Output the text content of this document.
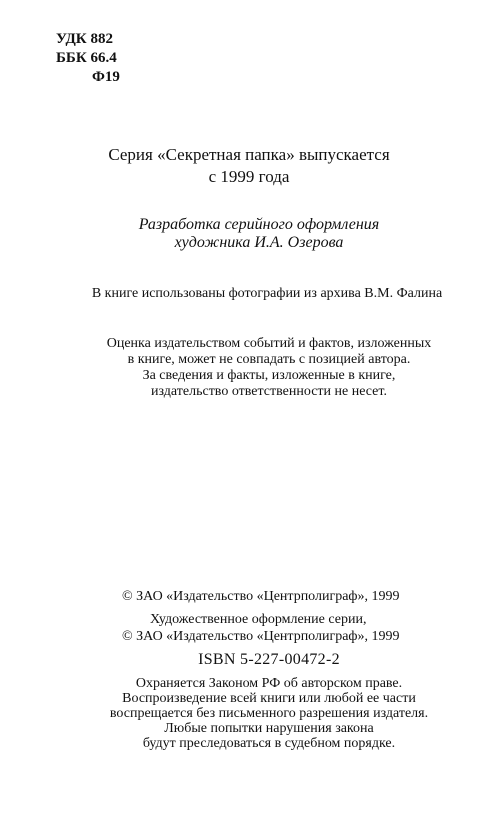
УДК 882
ББК 66.4
Ф19
Серия «Секретная папка» выпускается
с 1999 года
Разработка серийного оформления
художника И.А. Озерова
В книге использованы фотографии из архива В.М. Фалина
Оценка издательством событий и фактов, изложенных
в книге, может не совпадать с позицией автора.
За сведения и факты, изложенные в книге,
издательство ответственности не несет.
© ЗАО «Издательство «Центрполиграф», 1999
Художественное оформление серии,
© ЗАО «Издательство «Центрполиграф», 1999
ISBN 5-227-00472-2
Охраняется Законом РФ об авторском праве.
Воспроизведение всей книги или любой ее части
воспрещается без письменного разрешения издателя.
Любые попытки нарушения закона
будут преследоваться в судебном порядке.
